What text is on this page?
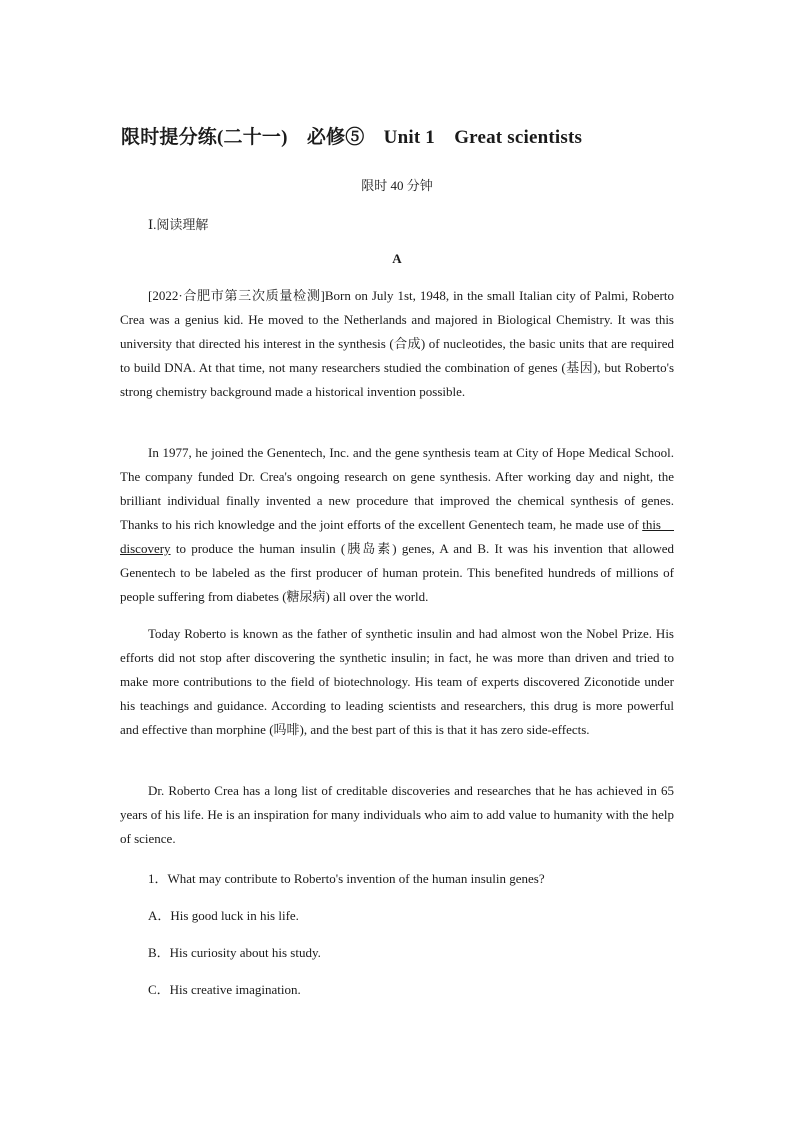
限时提分练(二十一)　必修⑤　Unit 1　Great scientists
限时 40 分钟
Ⅰ.阅读理解
A

[2022·合肥市第三次质量检测]Born on July 1st, 1948, in the small Italian city of Palmi, Roberto Crea was a genius kid. He moved to the Netherlands and majored in Biological Chemistry. It was this university that directed his interest in the synthesis (合成) of nucleotides, the basic units that are required to build DNA. At that time, not many researchers studied the combination of genes (基因), but Roberto's strong chemistry background made a historical invention possible.

In 1977, he joined the Genentech, Inc. and the gene synthesis team at City of Hope Medical School. The company funded Dr. Crea's ongoing research on gene synthesis. After working day and night, the brilliant individual finally invented a new procedure that improved the chemical synthesis of genes. Thanks to his rich knowledge and the joint efforts of the excellent Genentech team, he made use of this discovery to produce the human insulin (胰岛素) genes, A and B. It was his invention that allowed Genentech to be labeled as the first producer of human protein. This benefited hundreds of millions of people suffering from diabetes (糖尿病) all over the world.

Today Roberto is known as the father of synthetic insulin and had almost won the Nobel Prize. His efforts did not stop after discovering the synthetic insulin; in fact, he was more than driven and tried to make more contributions to the field of biotechnology. His team of experts discovered Ziconotide under his teachings and guidance. According to leading scientists and researchers, this drug is more powerful and effective than morphine (吗啡), and the best part of this is that it has zero side-effects.

Dr. Roberto Crea has a long list of creditable discoveries and researches that he has achieved in 65 years of his life. He is an inspiration for many individuals who aim to add value to humanity with the help of science.

1．What may contribute to Roberto's invention of the human insulin genes?
A．His good luck in his life.
B．His curiosity about his study.
C．His creative imagination.
